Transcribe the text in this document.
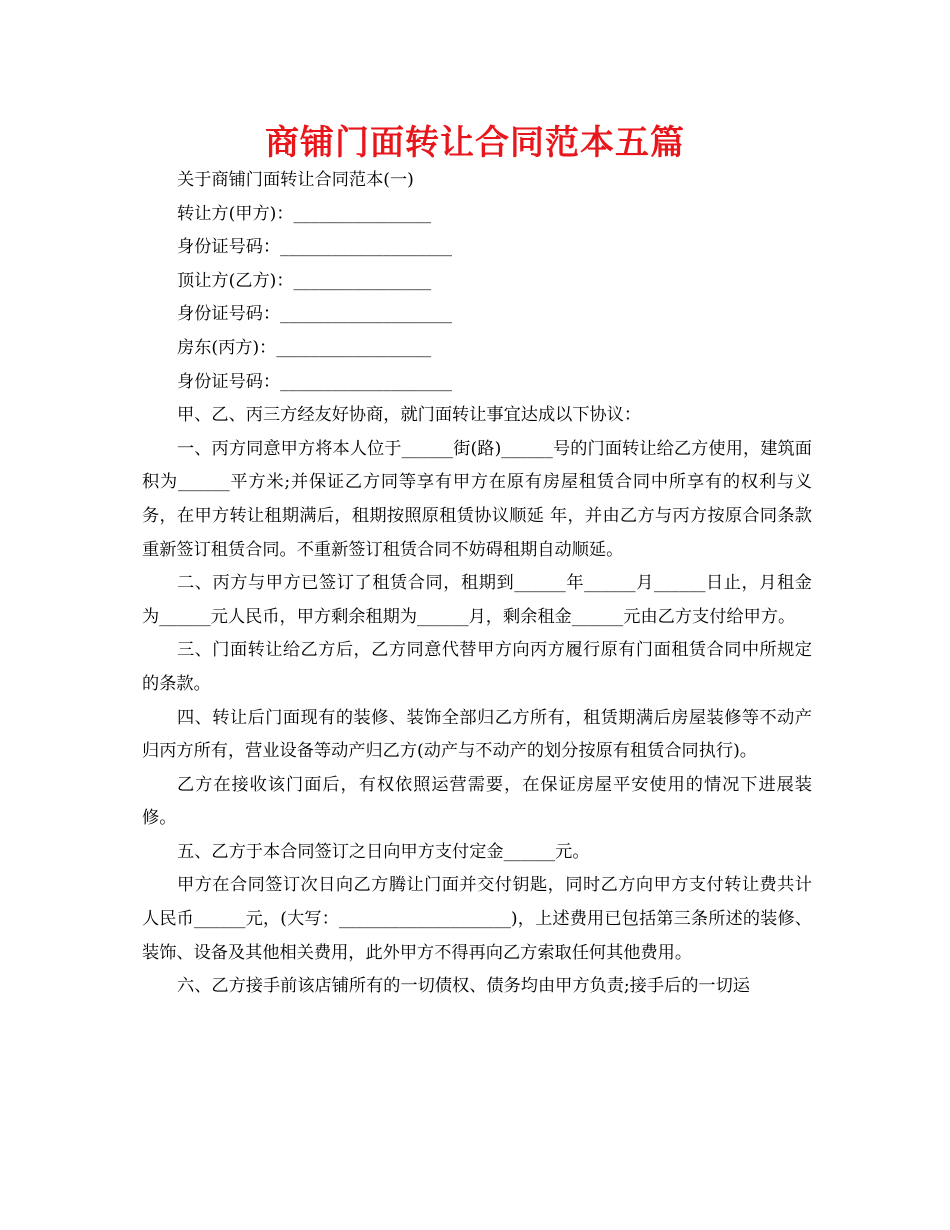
商铺门面转让合同范本五篇

关于商铺门面转让合同范本(一)

转让方(甲方)：________________

身份证号码：____________________

顶让方(乙方)：________________

身份证号码：____________________

房东(丙方)：__________________

身份证号码：____________________

甲、乙、丙三方经友好协商，就门面转让事宜达成以下协议：

一、丙方同意甲方将本人位于______街(路)______号的门面转让给乙方使用，建筑面积为______平方米;并保证乙方同等享有甲方在原有房屋租赁合同中所享有的权利与义务，在甲方转让租期满后，租期按照原租赁协议顺延 年，并由乙方与丙方按原合同条款重新签订租赁合同。不重新签订租赁合同不妨碍租期自动顺延。

二、丙方与甲方已签订了租赁合同，租期到______年______月______日止，月租金为______元人民币，甲方剩余租期为______月，剩余租金______元由乙方支付给甲方。

三、门面转让给乙方后，乙方同意代替甲方向丙方履行原有门面租赁合同中所规定的条款。

四、转让后门面现有的装修、装饰全部归乙方所有，租赁期满后房屋装修等不动产归丙方所有，营业设备等动产归乙方(动产与不动产的划分按原有租赁合同执行)。

乙方在接收该门面后，有权依照运营需要，在保证房屋平安使用的情况下进展装修。

五、乙方于本合同签订之日向甲方支付定金______元。

甲方在合同签订次日向乙方腾让门面并交付钥匙，同时乙方向甲方支付转让费共计人民币______元，(大写：____________________)，上述费用已包括第三条所述的装修、装饰、设备及其他相关费用，此外甲方不得再向乙方索取任何其他费用。

六、乙方接手前该店铺所有的一切债权、债务均由甲方负责;接手后的一切运
